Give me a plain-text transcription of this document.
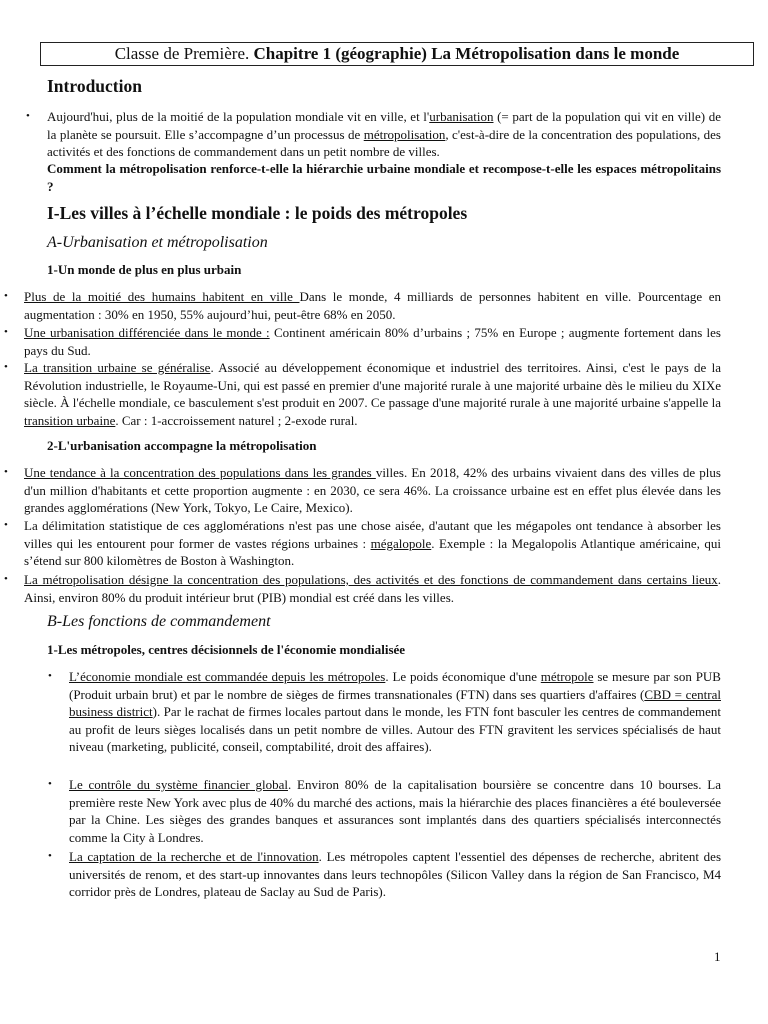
Classe de Première. Chapitre 1 (géographie) La Métropolisation dans le monde
Introduction
• Aujourd'hui, plus de la moitié de la population mondiale vit en ville, et l'urbanisation (= part de la population qui vit en ville) de la planète se poursuit. Elle s’accompagne d’un processus de métropolisation, c'est-à-dire de la concentration des populations, des activités et des fonctions de commandement dans un petit nombre de villes.
Comment la métropolisation renforce-t-elle la hiérarchie urbaine mondiale et recompose-t-elle les espaces métropolitains ?
I-Les villes à l’échelle mondiale : le poids des métropoles
A-Urbanisation et métropolisation
1-Un monde de plus en plus urbain
• Plus de la moitié des humains habitent en ville Dans le monde, 4 milliards de personnes habitent en ville. Pourcentage en augmentation : 30% en 1950, 55% aujourd’hui, peut-être 68% en 2050.
• Une urbanisation différenciée dans le monde : Continent américain 80% d’urbains ; 75% en Europe ; augmente fortement dans les pays du Sud.
• La transition urbaine se généralise. Associé au développement économique et industriel des territoires. Ainsi, c'est le pays de la Révolution industrielle, le Royaume-Uni, qui est passé en premier d'une majorité rurale à une majorité urbaine dès le milieu du XIXe siècle. À l'échelle mondiale, ce basculement s'est produit en 2007. Ce passage d'une majorité rurale à une majorité urbaine s'appelle la transition urbaine. Car : 1-accroissement naturel ; 2-exode rural.
2-L'urbanisation accompagne la métropolisation
• Une tendance à la concentration des populations dans les grandes villes. En 2018, 42% des urbains vivaient dans des villes de plus d'un million d'habitants et cette proportion augmente : en 2030, ce sera 46%. La croissance urbaine est en effet plus élevée dans les grandes agglomérations (New York, Tokyo, Le Caire, Mexico).
• La délimitation statistique de ces agglomérations n'est pas une chose aisée, d'autant que les mégapoles ont tendance à absorber les villes qui les entourent pour former de vastes régions urbaines : mégalopole. Exemple : la Megalopolis Atlantique américaine, qui s’étend sur 800 kilomètres de Boston à Washington.
• La métropolisation désigne la concentration des populations, des activités et des fonctions de commandement dans certains lieux. Ainsi, environ 80% du produit intérieur brut (PIB) mondial est créé dans les villes.
B-Les fonctions de commandement
1-Les métropoles, centres décisionnels de l'économie mondialisée
• L’économie mondiale est commandée depuis les métropoles. Le poids économique d'une métropole se mesure par son PUB (Produit urbain brut) et par le nombre de sièges de firmes transnationales (FTN) dans ses quartiers d'affaires (CBD = central business district). Par le rachat de firmes locales partout dans le monde, les FTN font basculer les centres de commandement au profit de leurs sièges localisés dans un petit nombre de villes. Autour des FTN gravitent les services spécialisés de haut niveau (marketing, publicité, conseil, comptabilité, droit des affaires).
• Le contrôle du système financier global. Environ 80% de la capitalisation boursière se concentre dans 10 bourses. La première reste New York avec plus de 40% du marché des actions, mais la hiérarchie des places financières a été bouleversée par la Chine. Les sièges des grandes banques et assurances sont implantés dans des quartiers spécialisés interconnectés comme la City à Londres.
• La captation de la recherche et de l'innovation. Les métropoles captent l'essentiel des dépenses de recherche, abritent des universités de renom, et des start-up innovantes dans leurs technopôles (Silicon Valley dans la région de San Francisco, M4 corridor près de Londres, plateau de Saclay au Sud de Paris).
1
